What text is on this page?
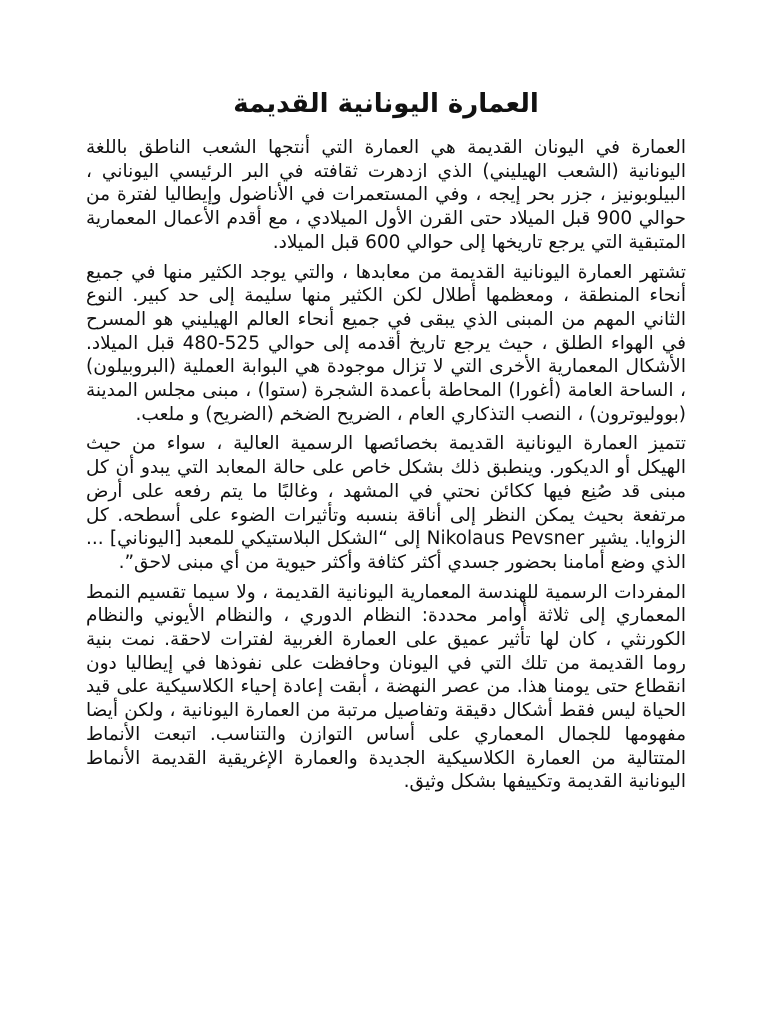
العمارة اليونانية القديمة

العمارة في اليونان القديمة هي العمارة التي أنتجها الشعب الناطق باللغة اليونانية (الشعب الهيليني) الذي ازدهرت ثقافته في البر الرئيسي اليوناني ، البيلوبونيز ، جزر بحر إيجه ، وفي المستعمرات في الأناضول وإيطاليا لفترة من حوالي 900 قبل الميلاد حتى القرن الأول الميلادي ، مع أقدم الأعمال المعمارية المتبقية التي يرجع تاريخها إلى حوالي 600 قبل الميلاد.

تشتهر العمارة اليونانية القديمة من معابدها ، والتي يوجد الكثير منها في جميع أنحاء المنطقة ، ومعظمها أطلال لكن الكثير منها سليمة إلى حد كبير. النوع الثاني المهم من المبنى الذي يبقى في جميع أنحاء العالم الهيليني هو المسرح في الهواء الطلق ، حيث يرجع تاريخ أقدمه إلى حوالي 525-480 قبل الميلاد. الأشكال المعمارية الأخرى التي لا تزال موجودة هي البوابة العملية (البروبيلون) ، الساحة العامة (أغورا) المحاطة بأعمدة الشجرة (ستوا) ، مبنى مجلس المدينة (بووليوترون) ، النصب التذكاري العام ، الضريح الضخم (الضريح) و ملعب.

تتميز العمارة اليونانية القديمة بخصائصها الرسمية العالية ، سواء من حيث الهيكل أو الديكور. وينطبق ذلك بشكل خاص على حالة المعابد التي يبدو أن كل مبنى قد صُنِع فيها ككائن نحتي في المشهد ، وغالبًا ما يتم رفعه على أرض مرتفعة بحيث يمكن النظر إلى أناقة بنسبه وتأثيرات الضوء على أسطحه. كل الزوايا. يشير Nikolaus Pevsner إلى “الشكل البلاستيكي للمعبد [اليوناني] ... الذي وضع أمامنا بحضور جسدي أكثر كثافة وأكثر حيوية من أي مبنى لاحق”.

المفردات الرسمية للهندسة المعمارية اليونانية القديمة ، ولا سيما تقسيم النمط المعماري إلى ثلاثة أوامر محددة: النظام الدوري ، والنظام الأيوني والنظام الكورنثي ، كان لها تأثير عميق على العمارة الغربية لفترات لاحقة. نمت بنية روما القديمة من تلك التي في اليونان وحافظت على نفوذها في إيطاليا دون انقطاع حتى يومنا هذا. من عصر النهضة ، أبقت إعادة إحياء الكلاسيكية على قيد الحياة ليس فقط أشكال دقيقة وتفاصيل مرتبة من العمارة اليونانية ، ولكن أيضا مفهومها للجمال المعماري على أساس التوازن والتناسب. اتبعت الأنماط المتتالية من العمارة الكلاسيكية الجديدة والعمارة الإغريقية القديمة الأنماط اليونانية القديمة وتكييفها بشكل وثيق.
